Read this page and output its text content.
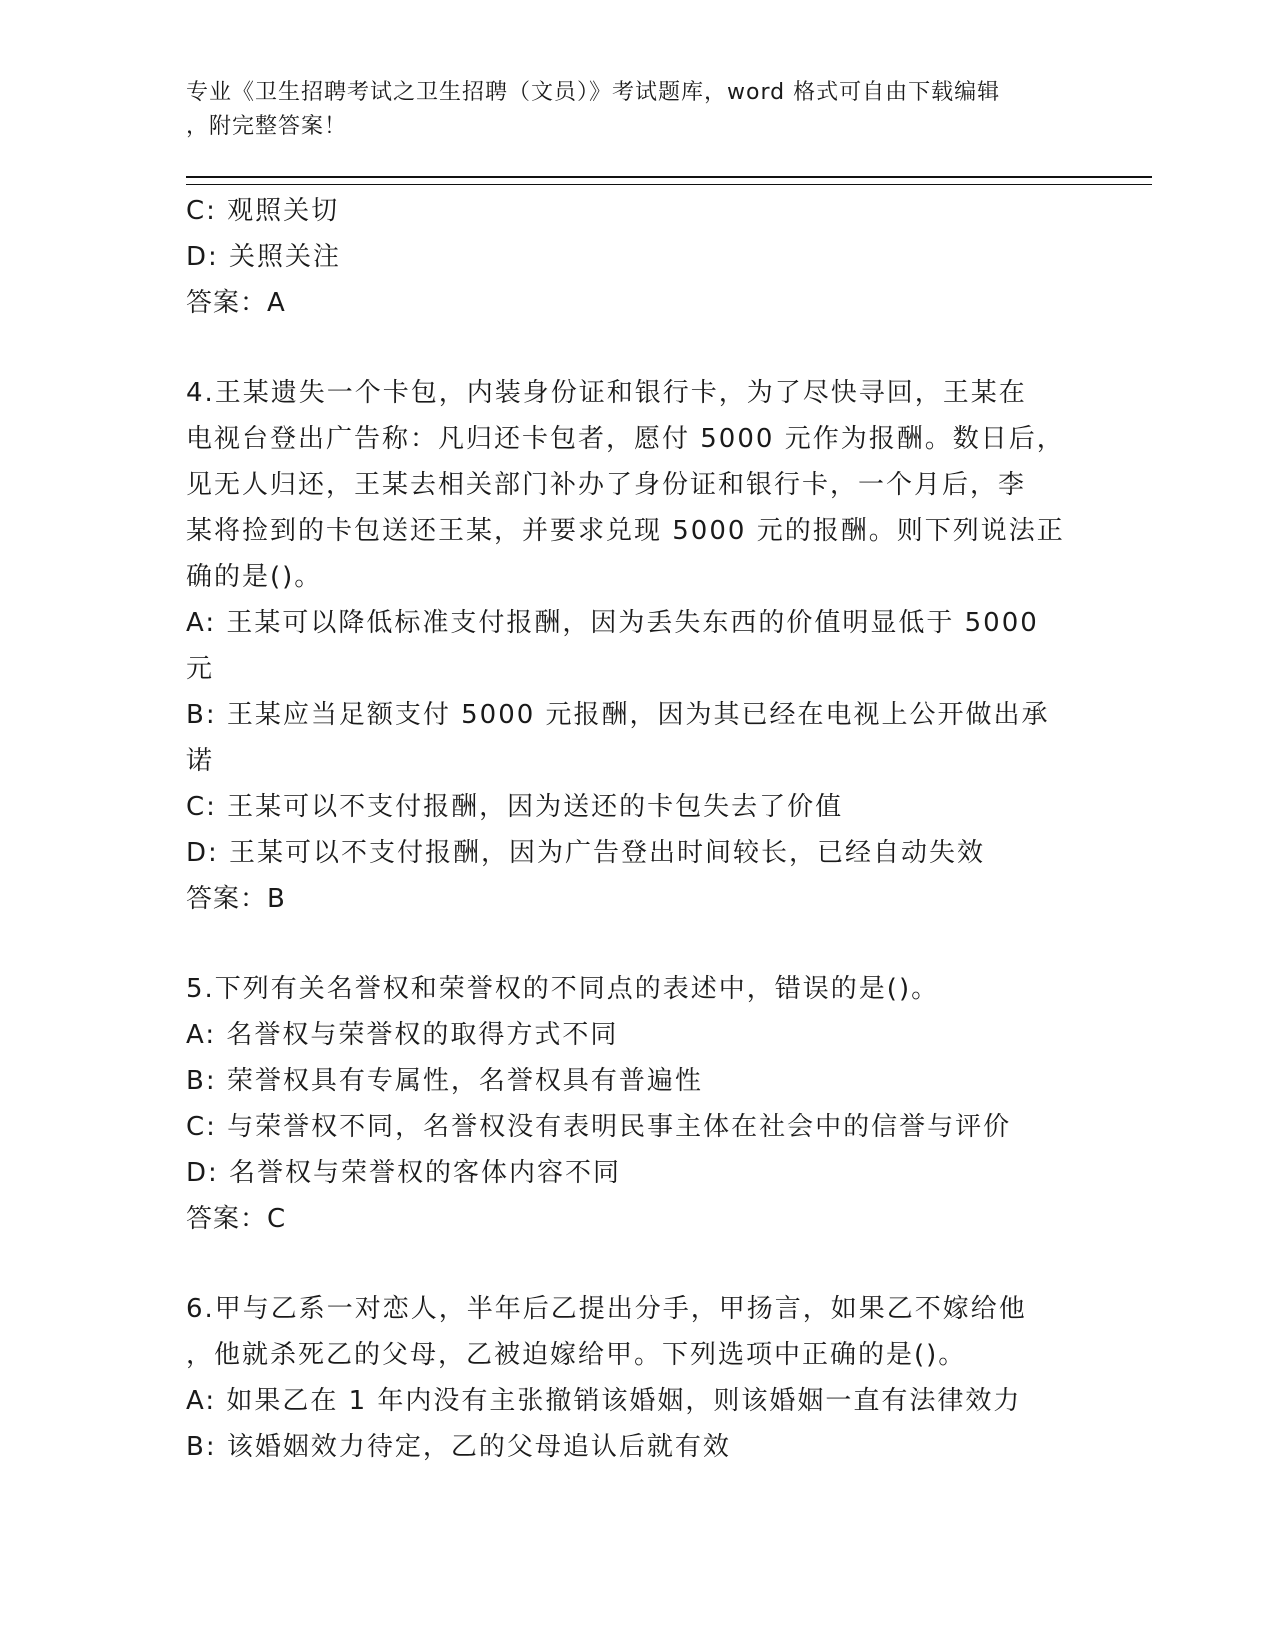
专业《卫生招聘考试之卫生招聘（文员）》考试题库，word 格式可自由下载编辑
，附完整答案！
C: 观照关切
D: 关照关注
答案：A
4.王某遗失一个卡包，内装身份证和银行卡，为了尽快寻回，王某在
电视台登出广告称：凡归还卡包者，愿付 5000 元作为报酬。数日后，
见无人归还，王某去相关部门补办了身份证和银行卡，一个月后，李
某将捡到的卡包送还王某，并要求兑现 5000 元的报酬。则下列说法正
确的是()。
A: 王某可以降低标准支付报酬，因为丢失东西的价值明显低于 5000
元
B: 王某应当足额支付 5000 元报酬，因为其已经在电视上公开做出承
诺
C: 王某可以不支付报酬，因为送还的卡包失去了价值
D: 王某可以不支付报酬，因为广告登出时间较长，已经自动失效
答案：B
5.下列有关名誉权和荣誉权的不同点的表述中，错误的是()。
A: 名誉权与荣誉权的取得方式不同
B: 荣誉权具有专属性，名誉权具有普遍性
C: 与荣誉权不同，名誉权没有表明民事主体在社会中的信誉与评价
D: 名誉权与荣誉权的客体内容不同
答案：C
6.甲与乙系一对恋人，半年后乙提出分手，甲扬言，如果乙不嫁给他
，他就杀死乙的父母，乙被迫嫁给甲。下列选项中正确的是()。
A: 如果乙在 1 年内没有主张撤销该婚姻，则该婚姻一直有法律效力
B: 该婚姻效力待定，乙的父母追认后就有效
